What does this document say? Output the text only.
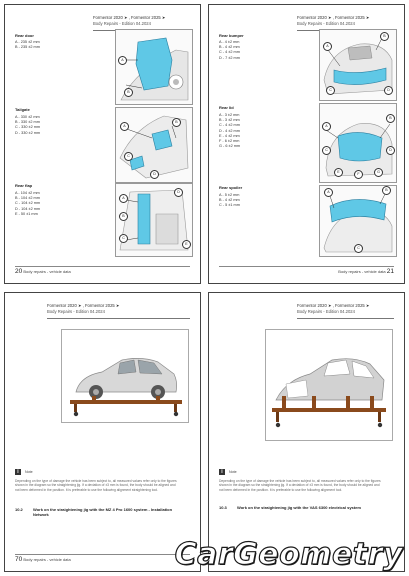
Formentor 2020 ➤ , Formentor 2025 ➤
Body Repairs - Edition 04.2024
Rear door
A - 235 ±2 mm
B - 235 ±2 mm
A
B
Tailgate
A - 330 ±2 mm
B - 330 ±2 mm
C - 330 ±2 mm
D - 330 ±2 mm
A
B
C
D
Rear flap
A - 104 ±2 mm
B - 104 ±2 mm
C - 104 ±2 mm
D - 104 ±2 mm
E - 50 ±1 mm
A
B
C
D
E
20 Body repairs - vehicle data
Formentor 2020 ➤ , Formentor 2025 ➤
Body Repairs - Edition 04.2024
Rear bumper
A - 4 ±2 mm
B - 4 ±2 mm
C - 4 ±2 mm
D - 7 ±2 mm
A
B
C	D
Rear lid
A - 3 ±2 mm
B - 3 ±2 mm
C - 4 ±2 mm
D - 4 ±2 mm
E - 4 ±2 mm
F - 6 ±2 mm
G - 6 ±2 mm
A
B
C	D
E	F	G
Rear spoiler
A - 5 ±2 mm
B - 4 ±2 mm
C - 5 ±1 mm
A	B
C
Body repairs - vehicle data 21
Formentor 2020 ➤ , Formentor 2025 ➤
Body Repairs - Edition 04.2024
i	Note
Depending on the type of damage the vehicle has been subject to, all measured values refer only to the figures shown in the diagram so the straightening jig. If a deviation of ±3 mm is found, the body should be aligned and not been deformed in the position. It is preferable to use the following alignment straightening tool.
10.2	Work on the straightening jig with the MZ 4 Pro 1600 system - Installation Network
70 Body repairs - vehicle data
Formentor 2020 ➤ , Formentor 2025 ➤
Body Repairs - Edition 04.2024
i	Note
Depending on the type of damage the vehicle has been subject to, all measured values refer only to the figures shown in the diagram so the straightening jig. If a deviation of ±3 mm is found, the body should be aligned and not been deformed in the position. It is preferable to use the following alignment tool.
10.3	Work on the straightening jig with the VAS 6300 electrical system
CarGeometry
